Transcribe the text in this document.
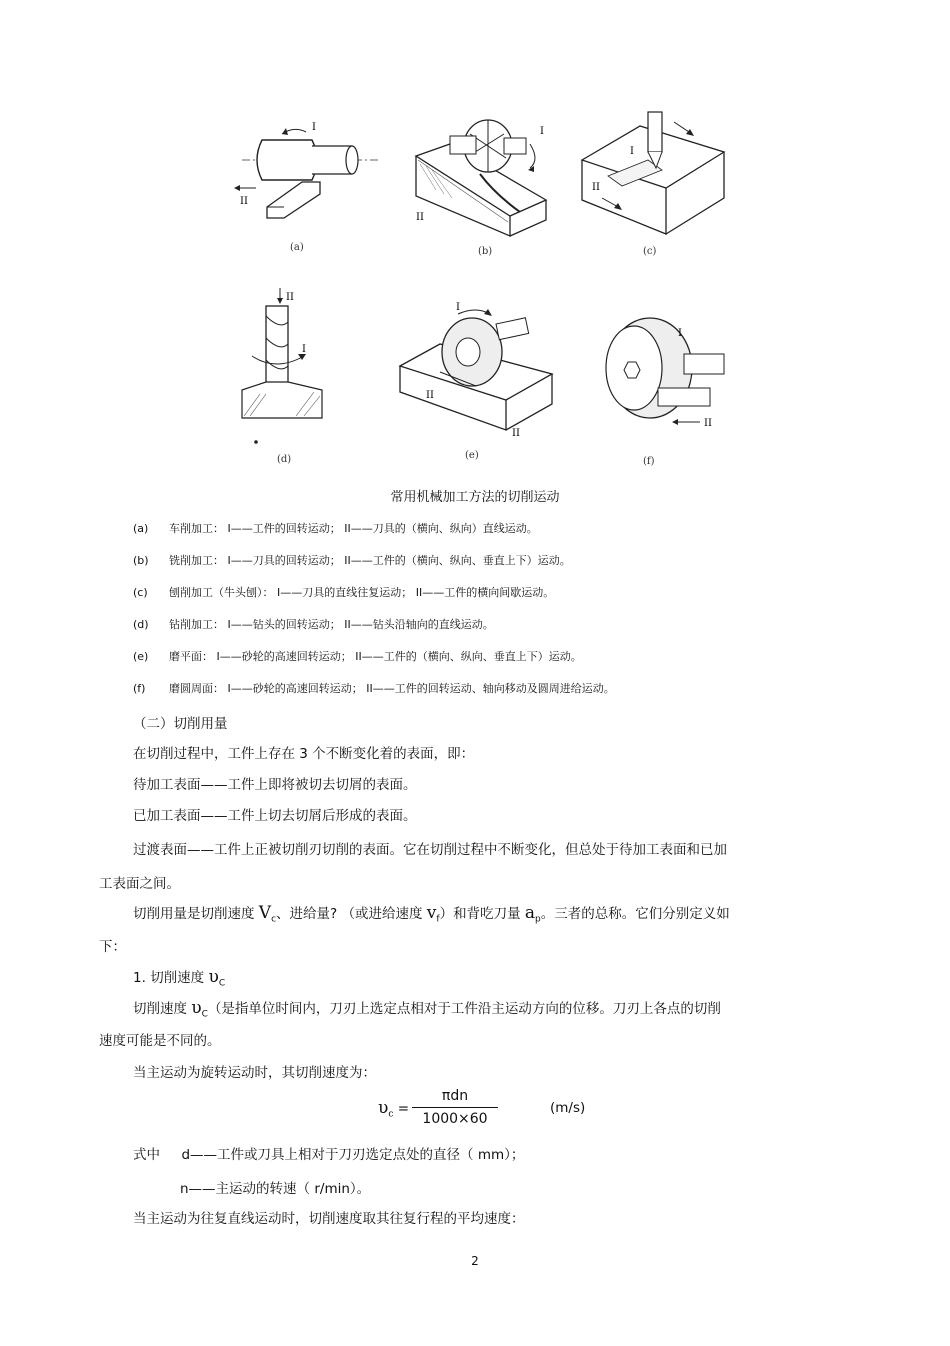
I
II
(a)
I
II
(b)
I
II
(c)
II
I
(d)
I
II
II
(e)
I
II
(f)
常用机械加工方法的切削运动
(a) 车削加工： I——工件的回转运动； II——刀具的（横向、纵向）直线运动。
(b) 铣削加工： I——刀具的回转运动； II——工件的（横向、纵向、垂直上下）运动。
(c) 刨削加工（牛头刨）： I——刀具的直线往复运动； II——工件的横向间歇运动。
(d) 钻削加工： I——钻头的回转运动； II——钻头沿轴向的直线运动。
(e) 磨平面： I——砂轮的高速回转运动； II——工件的（横向、纵向、垂直上下）运动。
(f) 磨圆周面： I——砂轮的高速回转运动； II——工件的回转运动、轴向移动及圆周进给运动。
（二）切削用量
在切削过程中，工件上存在 3 个不断变化着的表面，即：
待加工表面——工件上即将被切去切屑的表面。
已加工表面——工件上切去切屑后形成的表面。
过渡表面——工件上正被切削刃切削的表面。它在切削过程中不断变化，但总处于待加工表面和已加
工表面之间。
切削用量是切削速度 $V_c$、进给量? （或进给速度 $v_f$）和背吃刀量 $a_p$。三者的总称。它们分别定义如
下：
1. 切削速度 $\upsilon_C$
切削速度 $\upsilon_C$（是指单位时间内，刀刃上选定点相对于工件沿主运动方向的位移。刀刃上各点的切削
速度可能是不同的。
当主运动为旋转运动时，其切削速度为：
$\upsilon_c$ =
πdn
1000×60
(m/s)
式中 d——工件或刀具上相对于刀刃选定点处的直径（ mm）；
n——主运动的转速（ r/min）。
当主运动为往复直线运动时，切削速度取其往复行程的平均速度：
2
